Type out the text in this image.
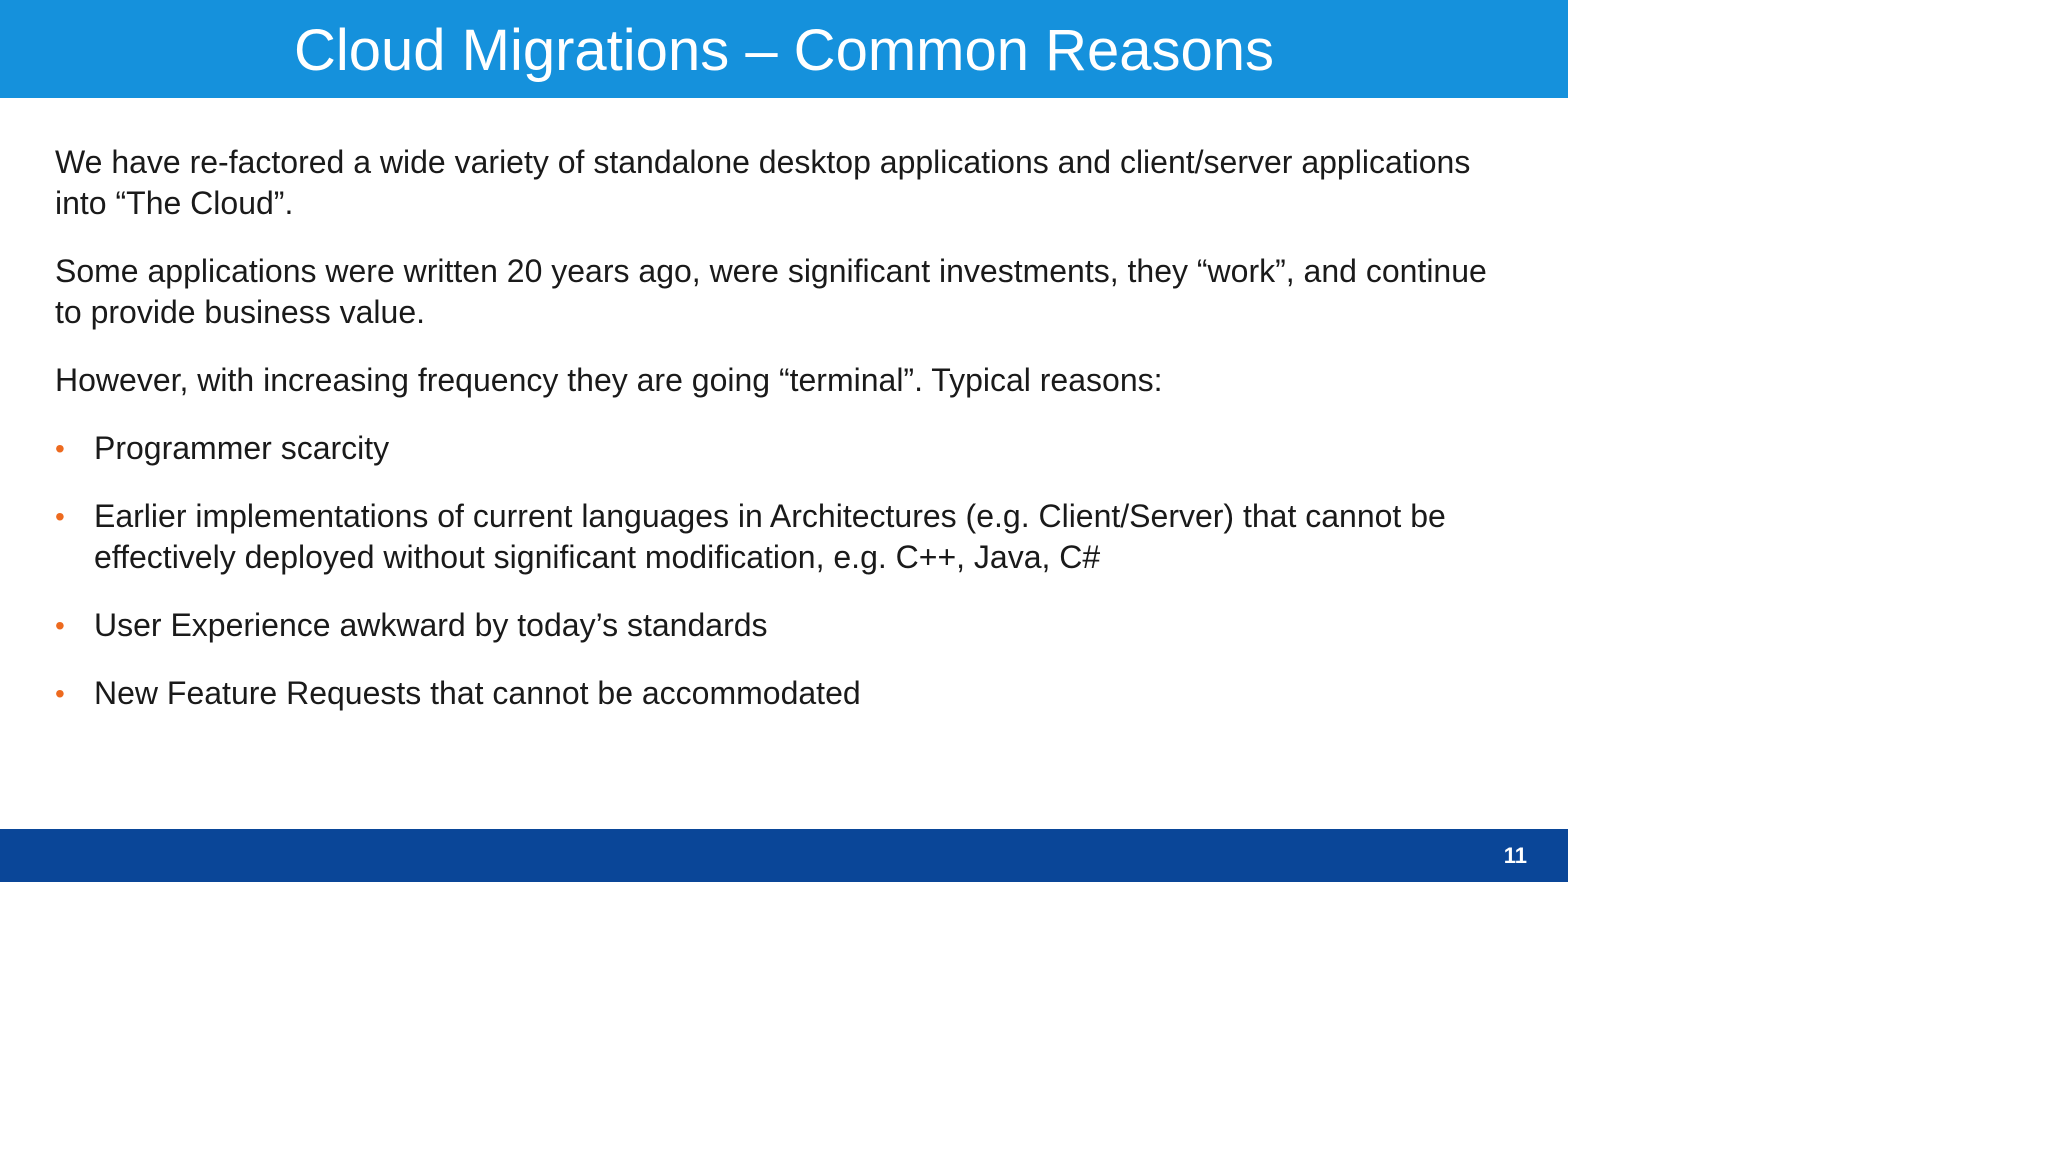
Cloud Migrations – Common Reasons

We have re-factored a wide variety of standalone desktop applications and client/server applications into “The Cloud”.

Some applications were written 20 years ago, were significant investments, they “work”, and continue to provide business value.

However, with increasing frequency they are going “terminal”. Typical reasons:

• Programmer scarcity
• Earlier implementations of current languages in Architectures (e.g. Client/Server) that cannot be effectively deployed without significant modification, e.g. C++, Java, C#
• User Experience awkward by today’s standards
• New Feature Requests that cannot be accommodated
11
